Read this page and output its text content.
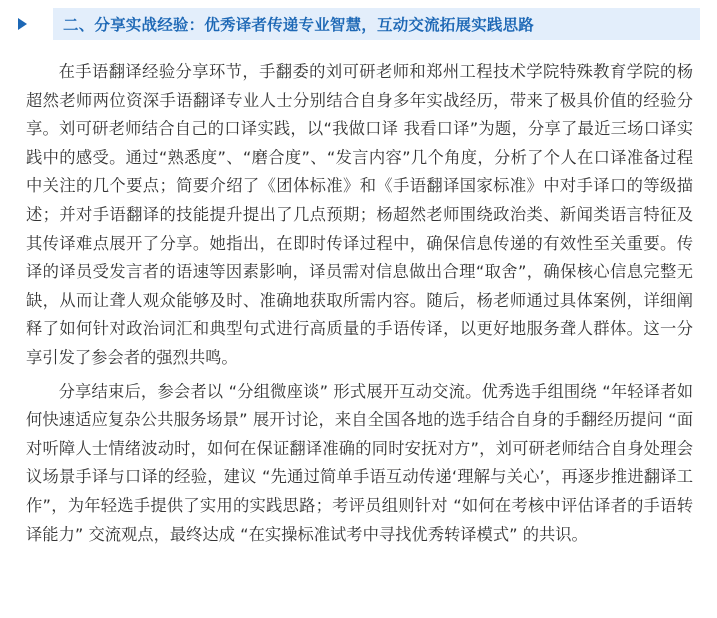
二、分享实战经验：优秀译者传递专业智慧，互动交流拓展实践思路

在手语翻译经验分享环节，手翻委的刘可研老师和郑州工程技术学院特殊教育学院的杨超然老师两位资深手语翻译专业人士分别结合自身多年实战经历，带来了极具价值的经验分享。刘可研老师结合自己的口译实践，以“我做口译 我看口译”为题，分享了最近三场口译实践中的感受。通过“熟悉度”、“磨合度”、“发言内容”几个角度，分析了个人在口译准备过程中关注的几个要点；简要介绍了《团体标准》和《手语翻译国家标准》中对手译口的等级描述；并对手语翻译的技能提升提出了几点预期；杨超然老师围绕政治类、新闻类语言特征及其传译难点展开了分享。她指出，在即时传译过程中，确保信息传递的有效性至关重要。传译的译员受发言者的语速等因素影响，译员需对信息做出合理“取舍”，确保核心信息完整无缺，从而让聋人观众能够及时、准确地获取所需内容。随后，杨老师通过具体案例，详细阐释了如何针对政治词汇和典型句式进行高质量的手语传译，以更好地服务聋人群体。这一分享引发了参会者的强烈共鸣。

分享结束后，参会者以 “分组微座谈” 形式展开互动交流。优秀选手组围绕 “年轻译者如何快速适应复杂公共服务场景” 展开讨论，来自全国各地的选手结合自身的手翻经历提问 “面对听障人士情绪波动时，如何在保证翻译准确的同时安抚对方”，刘可研老师结合自身处理会议场景手译与口译的经验，建议 “先通过简单手语互动传递‘理解与关心’，再逐步推进翻译工作”，为年轻选手提供了实用的实践思路；考评员组则针对 “如何在考核中评估译者的手语转译能力” 交流观点，最终达成 “在实操标准试考中寻找优秀转译模式” 的共识。
